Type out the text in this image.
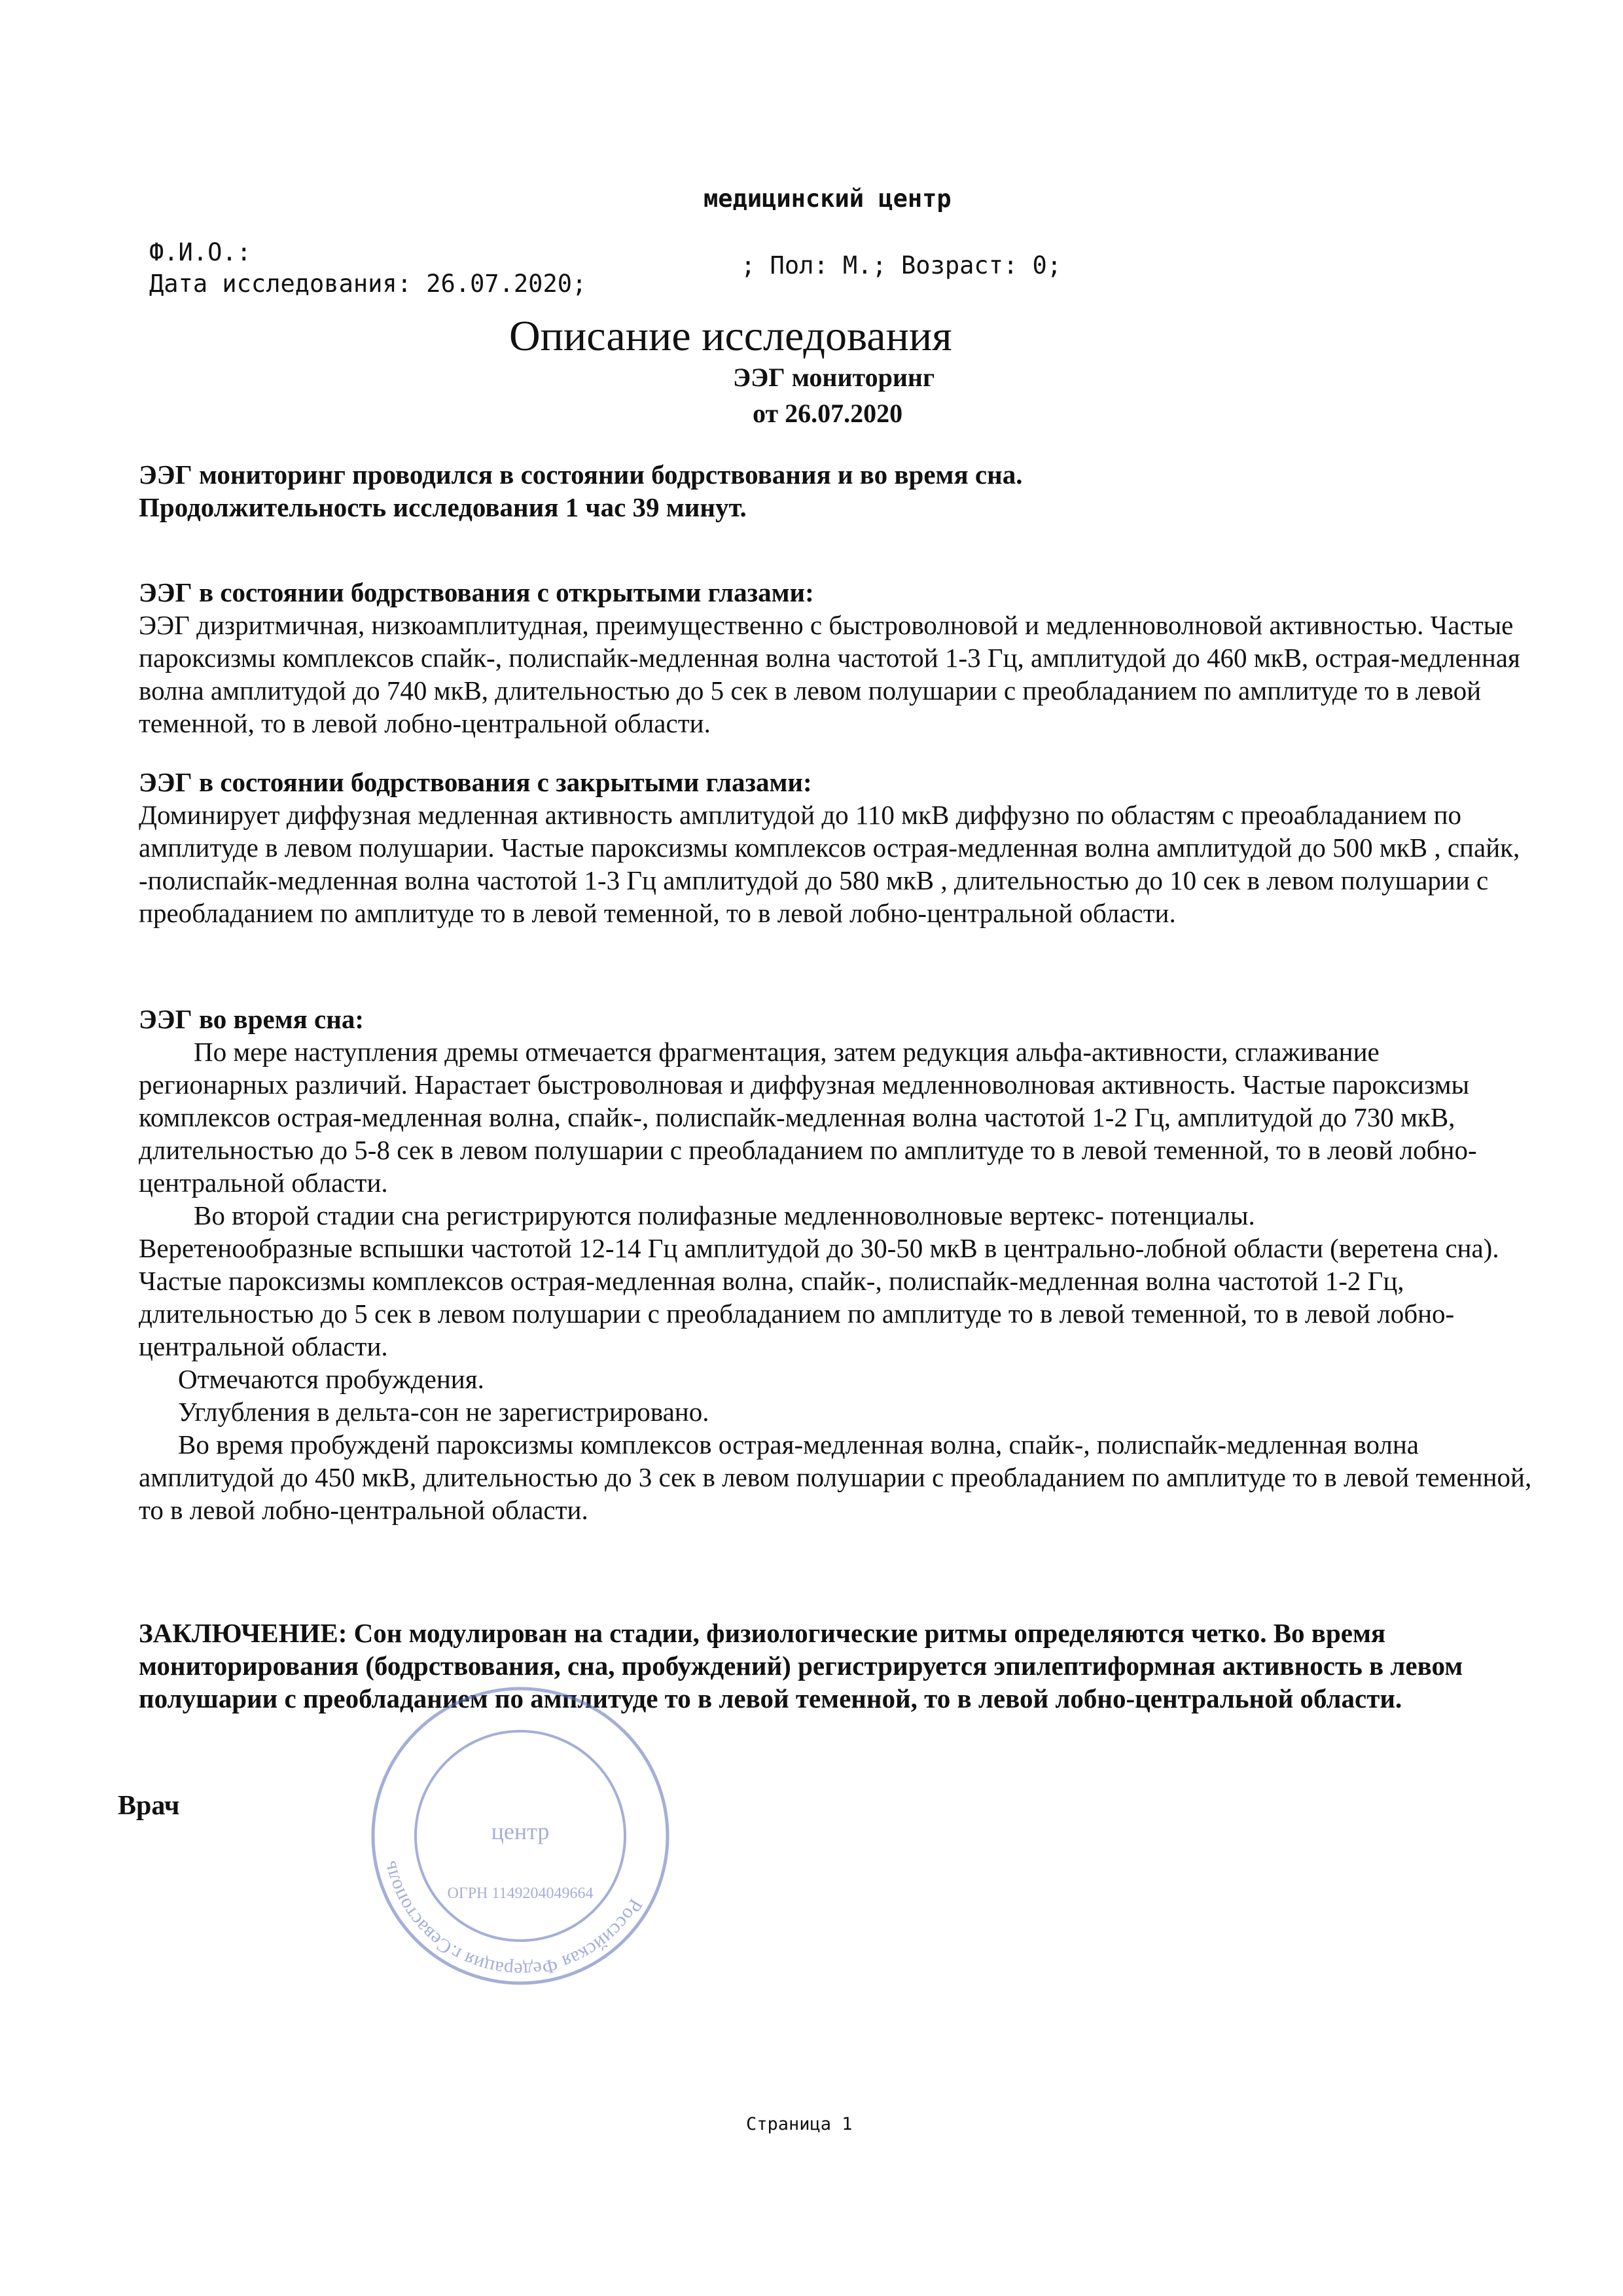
медицинский центр
Ф.И.О.:
Дата исследования: 26.07.2020;
; Пол: М.; Возраст: 0;
Описание исследования
ЭЭГ мониторинг
от 26.07.2020
ЭЭГ мониторинг проводился в состоянии бодрствования и во время сна.
Продолжительность исследования 1 час 39 минут.
ЭЭГ в состоянии бодрствования с открытыми глазами:
ЭЭГ дизритмичная, низкоамплитудная, преимущественно с быстроволновой и медленноволновой активностью. Частые пароксизмы комплексов спайк-, полиспайк-медленная волна частотой 1-3 Гц, амплитудой до 460 мкВ, острая-медленная волна амплитудой до 740 мкВ, длительностью до 5 сек в левом полушарии с преобладанием по амплитуде то в левой теменной, то в левой лобно-центральной области.
ЭЭГ в состоянии бодрствования с закрытыми глазами:
Доминирует диффузная медленная активность амплитудой до 110 мкВ диффузно по областям с преоабладанием по амплитуде в левом полушарии. Частые пароксизмы комплексов острая-медленная волна амплитудой до 500 мкВ , спайк, -полиспайк-медленная волна частотой 1-3 Гц амплитудой до 580 мкВ , длительностью до 10 сек в левом полушарии с преобладанием по амплитуде то в левой теменной, то в левой лобно-центральной области.
ЭЭГ во время сна:
По мере наступления дремы отмечается фрагментация, затем редукция альфа-активности, сглаживание регионарных различий. Нарастает быстроволновая и диффузная медленноволновая активность. Частые пароксизмы комплексов острая-медленная волна, спайк-, полиспайк-медленная волна частотой 1-2 Гц, амплитудой до 730 мкВ, длительностью до 5-8 сек в левом полушарии с преобладанием по амплитуде то в левой теменной, то в леовй лобно-центральной области.
Во второй стадии сна регистрируются полифазные медленноволновые вертекс- потенциалы.
Веретенообразные вспышки частотой 12-14 Гц амплитудой до 30-50 мкВ в центрально-лобной области (веретена сна). Частые пароксизмы комплексов острая-медленная волна, спайк-, полиспайк-медленная волна частотой 1-2 Гц, длительностью до 5 сек в левом полушарии с преобладанием по амплитуде то в левой теменной, то в левой лобно-центральной области.
Отмечаются пробуждения.
Углубления в дельта-сон не зарегистрировано.
Во время пробужденй пароксизмы комплексов острая-медленная волна, спайк-, полиспайк-медленная волна
амплитудой до 450 мкВ, длительностью до 3 сек в левом полушарии с преобладанием по амплитуде то в левой теменной, то в левой лобно-центральной области.
ЗАКЛЮЧЕНИЕ: Сон модулирован на стадии, физиологические ритмы определяются четко. Во время мониторирования (бодрствования, сна, пробуждений) регистрируется эпилептиформная активность в левом полушарии с преобладанием по амплитуде то в левой теменной, то в левой лобно-центральной области.
Врач
Российская Федерация г.Севастополь
ОГРН 1149204049664
центр
Страница 1
